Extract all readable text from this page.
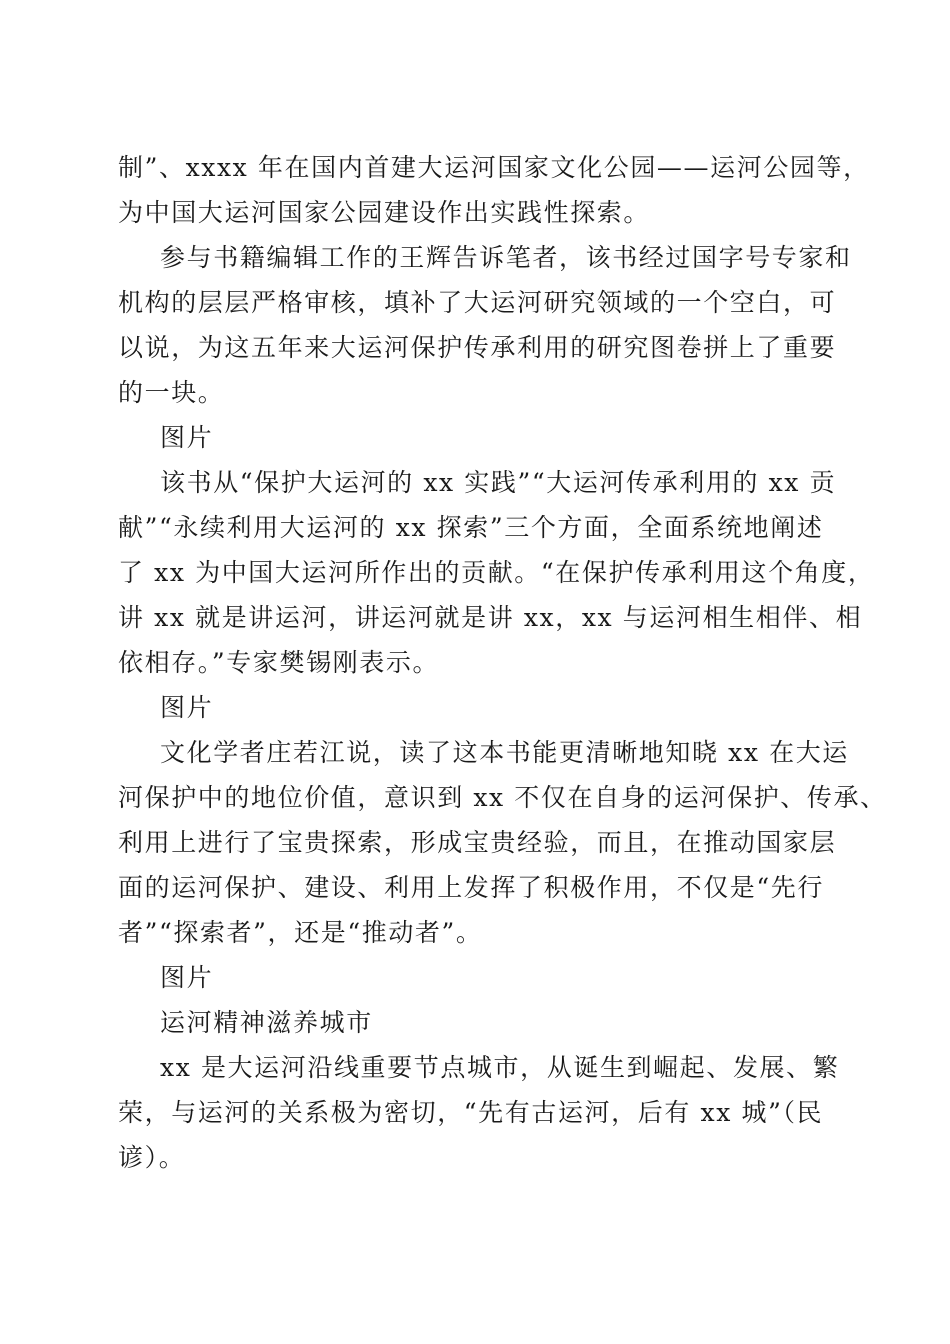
制”、xxxx 年在国内首建大运河国家文化公园——运河公园等，
为中国大运河国家公园建设作出实践性探索。
参与书籍编辑工作的王辉告诉笔者，该书经过国字号专家和
机构的层层严格审核，填补了大运河研究领域的一个空白，可
以说，为这五年来大运河保护传承利用的研究图卷拼上了重要
的一块。
图片
该书从“保护大运河的 xx 实践”“大运河传承利用的 xx 贡
献”“永续利用大运河的 xx 探索”三个方面，全面系统地阐述
了 xx 为中国大运河所作出的贡献。“在保护传承利用这个角度，
讲 xx 就是讲运河，讲运河就是讲 xx，xx 与运河相生相伴、相
依相存。”专家樊锡刚表示。
图片
文化学者庄若江说，读了这本书能更清晰地知晓 xx 在大运
河保护中的地位价值，意识到 xx 不仅在自身的运河保护、传承、
利用上进行了宝贵探索，形成宝贵经验，而且，在推动国家层
面的运河保护、建设、利用上发挥了积极作用，不仅是“先行
者”“探索者”，还是“推动者”。
图片
运河精神滋养城市
xx 是大运河沿线重要节点城市，从诞生到崛起、发展、繁
荣，与运河的关系极为密切，“先有古运河，后有 xx 城”（民
谚）。
